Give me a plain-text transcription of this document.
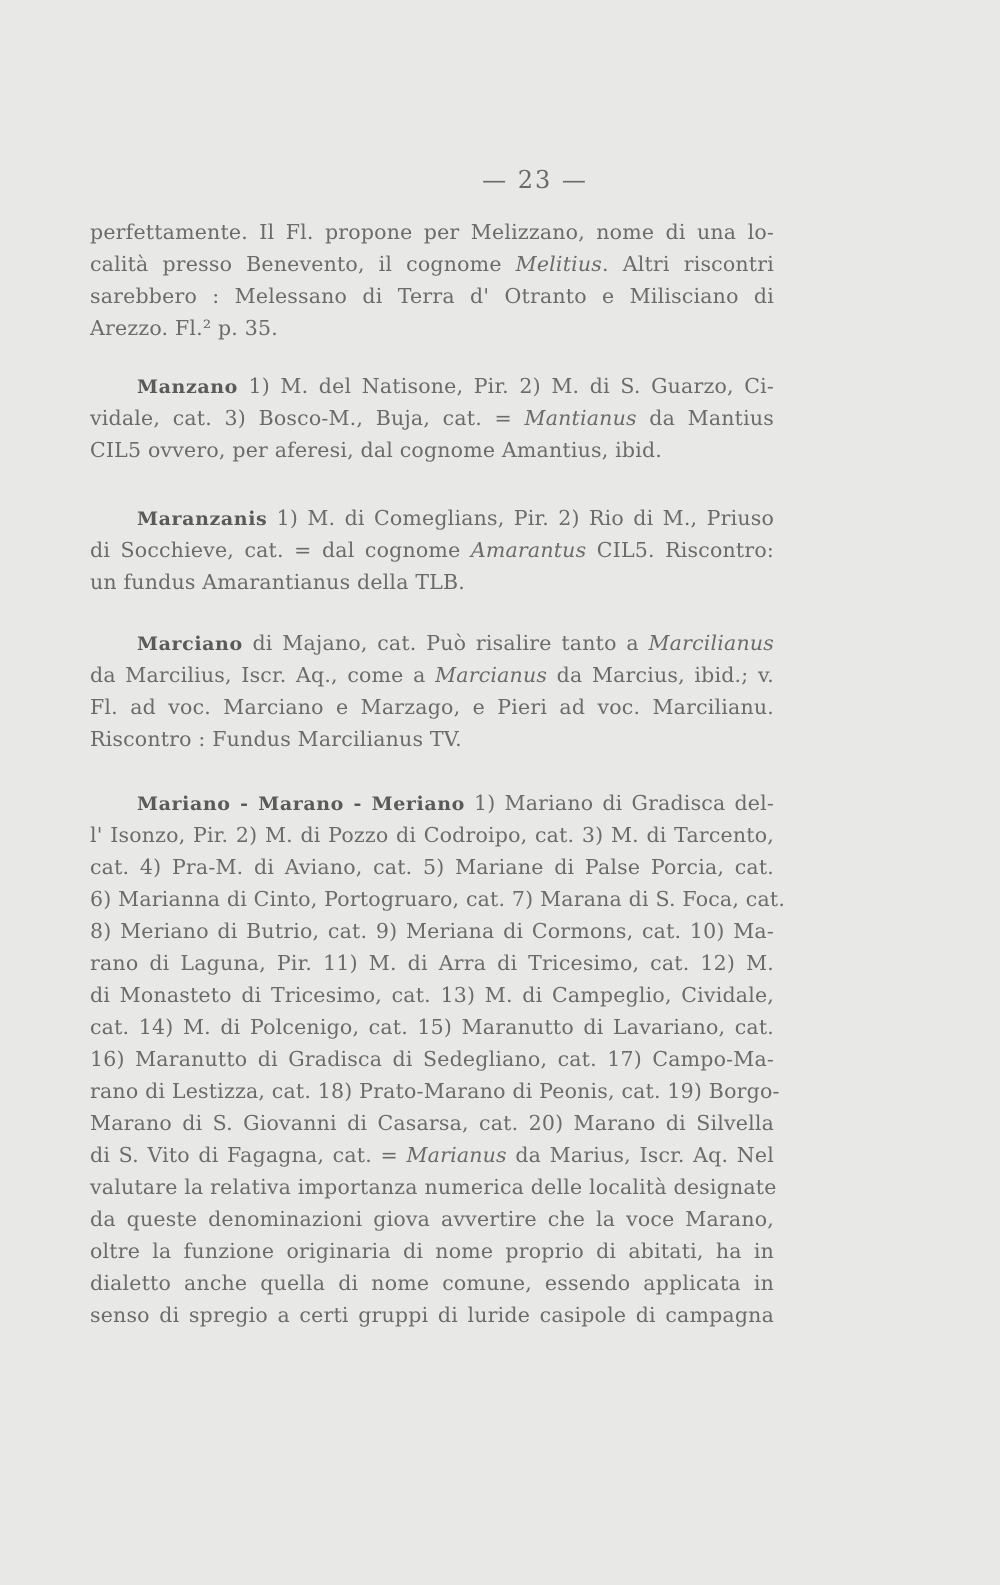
— 23 —
perfettamente. Il Fl. propone per Melizzano, nome di una lo-
calità presso Benevento, il cognome Melitius. Altri riscontri
sarebbero : Melessano di Terra d' Otranto e Milisciano di
Arezzo. Fl.² p. 35.
Manzano 1) M. del Natisone, Pir. 2) M. di S. Guarzo, Ci-
vidale, cat. 3) Bosco-M., Buja, cat. = Mantianus da Mantius
CIL5 ovvero, per aferesi, dal cognome Amantius, ibid.
Maranzanis 1) M. di Comeglians, Pir. 2) Rio di M., Priuso
di Socchieve, cat. = dal cognome Amarantus CIL5. Riscontro:
un fundus Amarantianus della TLB.
Marciano di Majano, cat. Può risalire tanto a Marcilianus
da Marcilius, Iscr. Aq., come a Marcianus da Marcius, ibid.; v.
Fl. ad voc. Marciano e Marzago, e Pieri ad voc. Marcilianu.
Riscontro : Fundus Marcilianus TV.
Mariano - Marano - Meriano 1) Mariano di Gradisca del-
l' Isonzo, Pir. 2) M. di Pozzo di Codroipo, cat. 3) M. di Tarcento,
cat. 4) Pra-M. di Aviano, cat. 5) Mariane di Palse Porcia, cat.
6) Marianna di Cinto, Portogruaro, cat. 7) Marana di S. Foca, cat.
8) Meriano di Butrio, cat. 9) Meriana di Cormons, cat. 10) Ma-
rano di Laguna, Pir. 11) M. di Arra di Tricesimo, cat. 12) M.
di Monasteto di Tricesimo, cat. 13) M. di Campeglio, Cividale,
cat. 14) M. di Polcenigo, cat. 15) Maranutto di Lavariano, cat.
16) Maranutto di Gradisca di Sedegliano, cat. 17) Campo-Ma-
rano di Lestizza, cat. 18) Prato-Marano di Peonis, cat. 19) Borgo-
Marano di S. Giovanni di Casarsa, cat. 20) Marano di Silvella
di S. Vito di Fagagna, cat. = Marianus da Marius, Iscr. Aq. Nel
valutare la relativa importanza numerica delle località designate
da queste denominazioni giova avvertire che la voce Marano,
oltre la funzione originaria di nome proprio di abitati, ha in
dialetto anche quella di nome comune, essendo applicata in
senso di spregio a certi gruppi di luride casipole di campagna
